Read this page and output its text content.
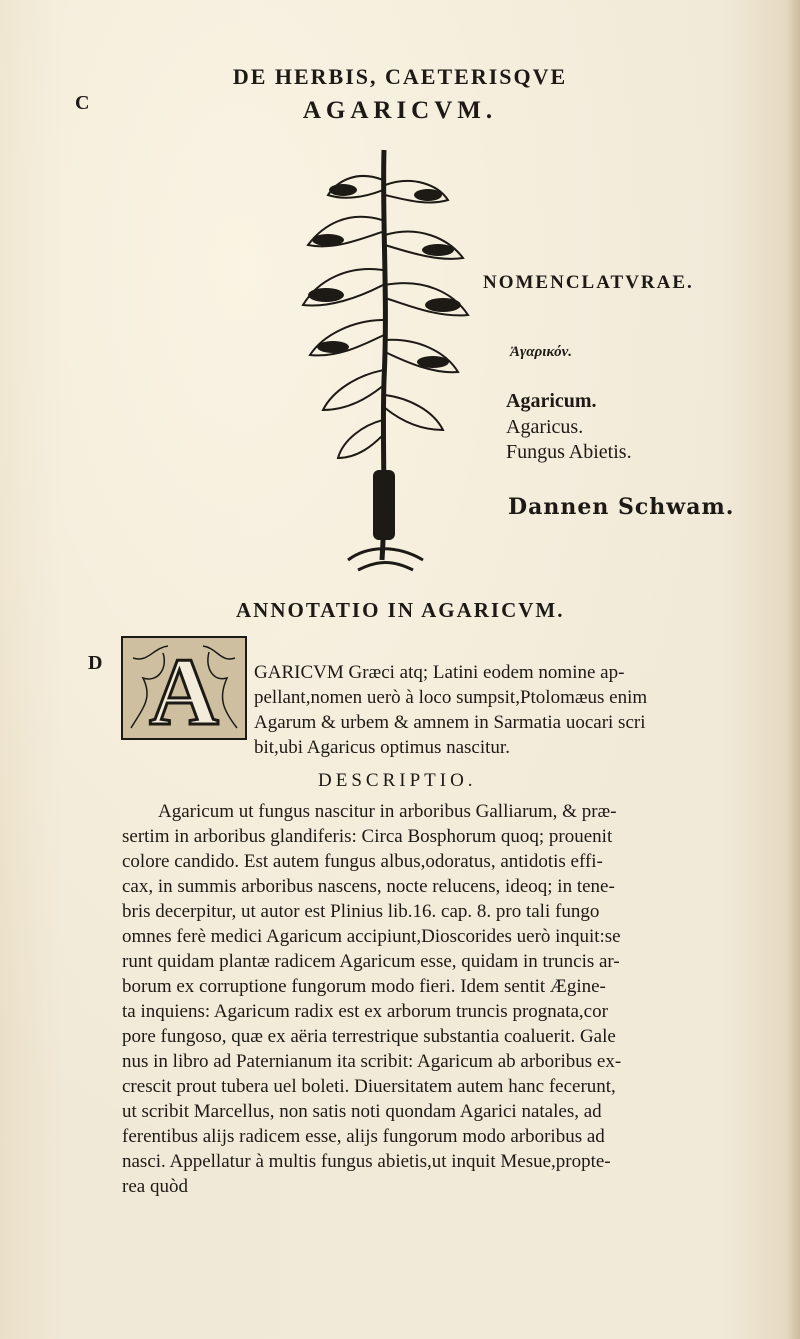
C
D
DE HERBIS, CAETERISQVE
AGARICVM.
NOMENCLATVRAE.
Ἀγαρικόν.
Agaricum.
Agaricus.
Fungus Abietis.
Dannen Schwam.
ANNOTATIO IN AGARICVM.
A GARICVM Græci atq; Latini eodem nomine ap-
pellant,nomen uerò à loco sumpsit,Ptolomæus enim
Agarum & urbem & amnem in Sarmatia uocari scri
bit,ubi Agaricus optimus nascitur.
DESCRIPTIO.
Agaricum ut fungus nascitur in arboribus Galliarum, & præ-
sertim in arboribus glandiferis: Circa Bosphorum quoq; prouenit
colore candido. Est autem fungus albus,odoratus, antidotis effi-
cax, in summis arboribus nascens, nocte relucens, ideoq; in tene-
bris decerpitur, ut autor est Plinius lib.16. cap. 8. pro tali fungo
omnes ferè medici Agaricum accipiunt,Dioscorides uerò inquit:se
runt quidam plantæ radicem Agaricum esse, quidam in truncis ar-
borum ex corruptione fungorum modo fieri. Idem sentit Ægine-
ta inquiens: Agaricum radix est ex arborum truncis prognata,cor
pore fungoso, quæ ex aëria terrestrique substantia coaluerit. Gale
nus in libro ad Paternianum ita scribit: Agaricum ab arboribus ex-
crescit prout tubera uel boleti. Diuersitatem autem hanc fecerunt,
ut scribit Marcellus, non satis noti quondam Agarici natales, ad
ferentibus alijs radicem esse, alijs fungorum modo arboribus ad
nasci. Appellatur à multis fungus abietis,ut inquit Mesue,propte-
rea quòd
